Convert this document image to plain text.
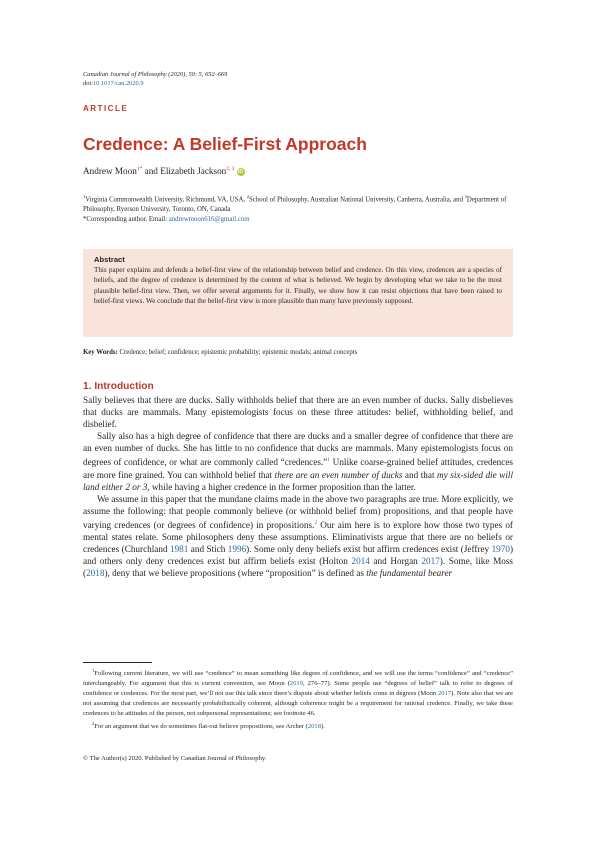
Canadian Journal of Philosophy (2020), 50: 5, 652–669
doi:10.1017/can.2020.9
ARTICLE
Credence: A Belief-First Approach
Andrew Moon$^{1*}$ and Elizabeth Jackson$^{2, 3}$ iD
$^1$Virginia Commonwealth University, Richmond, VA, USA, $^2$School of Philosophy, Australian National University, Canberra, Australia, and $^3$Department of Philosophy, Ryerson University, Toronto, ON, Canada
*Corresponding author. Email: andrewmoon616@gmail.com
Abstract
This paper explains and defends a belief-first view of the relationship between belief and credence. On this view, credences are a species of beliefs, and the degree of credence is determined by the content of what is believed. We begin by developing what we take to be the most plausible belief-first view. Then, we offer several arguments for it. Finally, we show how it can resist objections that have been raised to belief-first views. We conclude that the belief-first view is more plausible than many have previously supposed.
Key Words: Credence; belief; confidence; epistemic probability; epistemic modals; animal concepts
1. Introduction

Sally believes that there are ducks. Sally withholds belief that there are an even number of ducks. Sally disbelieves that ducks are mammals. Many epistemologists focus on these three attitudes: belief, withholding belief, and disbelief.

Sally also has a high degree of confidence that there are ducks and a smaller degree of confidence that there are an even number of ducks. She has little to no confidence that ducks are mammals. Many epistemologists focus on degrees of confidence, or what are commonly called “credences.”$^1$ Unlike coarse-grained belief attitudes, credences are more fine grained. You can withhold belief that there are an even number of ducks and that my six-sided die will land either 2 or 3, while having a higher credence in the former proposition than the latter.

We assume in this paper that the mundane claims made in the above two paragraphs are true. More explicitly, we assume the following: that people commonly believe (or withhold belief from) propositions, and that people have varying credences (or degrees of confidence) in propositions.$^2$ Our aim here is to explore how those two types of mental states relate. Some philosophers deny these assumptions. Eliminativists argue that there are no beliefs or credences (Churchland 1981 and Stich 1996). Some only deny beliefs exist but affirm credences exist (Jeffrey 1970) and others only deny credences exist but affirm beliefs exist (Holton 2014 and Horgan 2017). Some, like Moss (2018), deny that we believe propositions (where “proposition” is defined as the fundamental bearer

$^1$Following current literature, we will use “credence” to mean something like degree of confidence, and we will use the terms “confidence” and “credence” interchangeably. For argument that this is current convention, see Moon (2019, 276–77). Some people use “degrees of belief” talk to refer to degrees of confidence or credences. For the most part, we’ll not use this talk since there’s dispute about whether beliefs come in degrees (Moon 2017). Note also that we are not assuming that credences are necessarily probabilistically coherent, although coherence might be a requirement for rational credence. Finally, we take these credences to be attitudes of the person, not subpersonal representations; see footnote 46.

$^2$For an argument that we do sometimes flat-out believe propositions, see Archer (2018).

© The Author(s) 2020. Published by Canadian Journal of Philosophy.
